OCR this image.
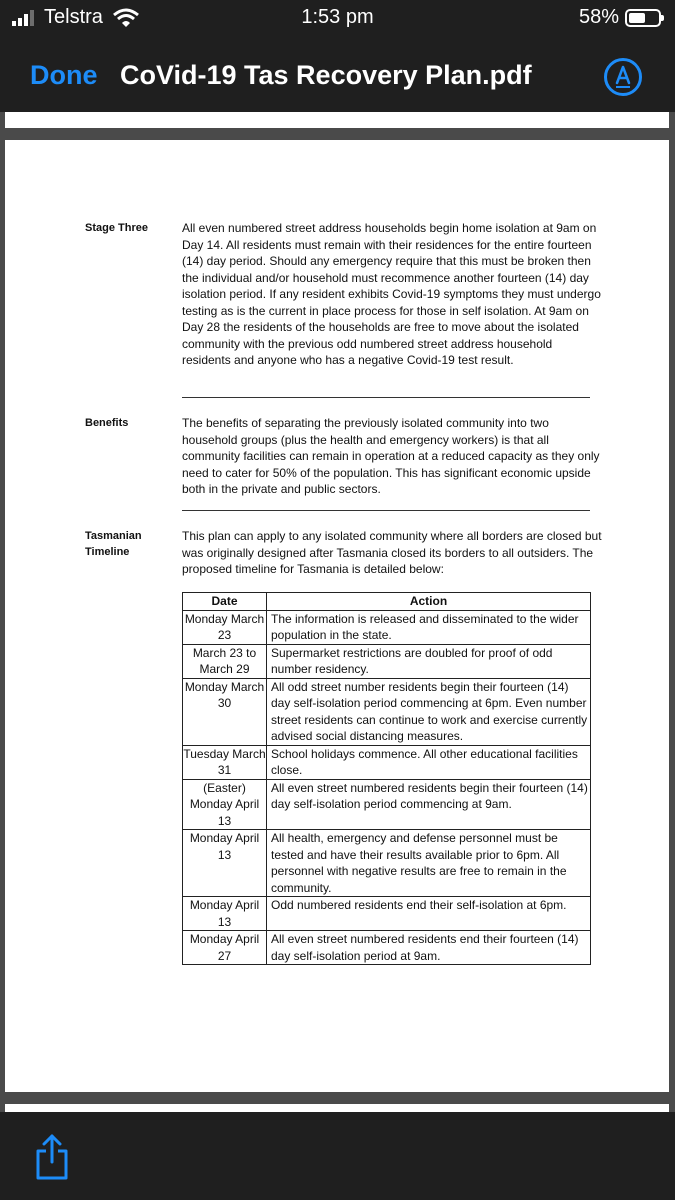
Telstra	1:53 pm	58%
Done CoVid-19 Tas Recovery Plan.pdf
Stage Three	All even numbered street address households begin home isolation at 9am on Day 14. All residents must remain with their residences for the entire fourteen (14) day period. Should any emergency require that this must be broken then the individual and/or household must recommence another fourteen (14) day isolation period. If any resident exhibits Covid-19 symptoms they must undergo testing as is the current in place process for those in self isolation. At 9am on Day 28 the residents of the households are free to move about the isolated community with the previous odd numbered street address household residents and anyone who has a negative Covid-19 test result.
Benefits	The benefits of separating the previously isolated community into two household groups (plus the health and emergency workers) is that all community facilities can remain in operation at a reduced capacity as they only need to cater for 50% of the population. This has significant economic upside both in the private and public sectors.
Tasmanian Timeline
This plan can apply to any isolated community where all borders are closed but was originally designed after Tasmania closed its borders to all outsiders. The proposed timeline for Tasmania is detailed below:
Date	Action
Monday March 23	The information is released and disseminated to the wider population in the state.
March 23 to March 29	Supermarket restrictions are doubled for proof of odd number residency.
Monday March 30	All odd street number residents begin their fourteen (14) day self-isolation period commencing at 6pm. Even number street residents can continue to work and exercise currently advised social distancing measures.
Tuesday March 31	School holidays commence. All other educational facilities close.
(Easter) Monday April 13	All even street numbered residents begin their fourteen (14) day self-isolation period commencing at 9am.
Monday April 13	All health, emergency and defense personnel must be tested and have their results available prior to 6pm. All personnel with negative results are free to remain in the community.
Monday April 13	Odd numbered residents end their self-isolation at 6pm.
Monday April 27	All even street numbered residents end their fourteen (14) day self-isolation period at 9am.
